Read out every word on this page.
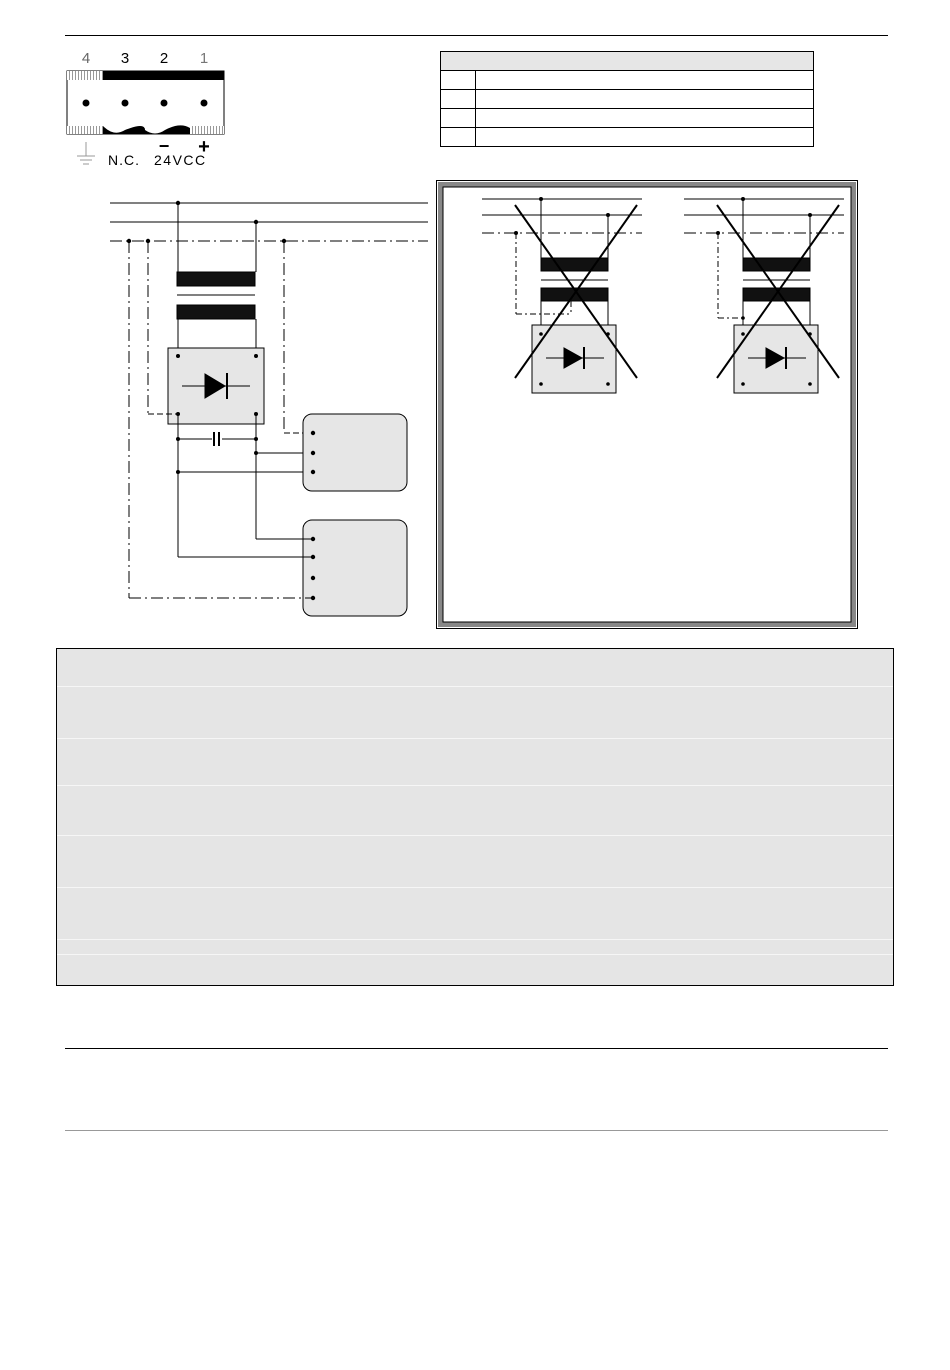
4 3 2 1
− +
N.C. 24VCC
